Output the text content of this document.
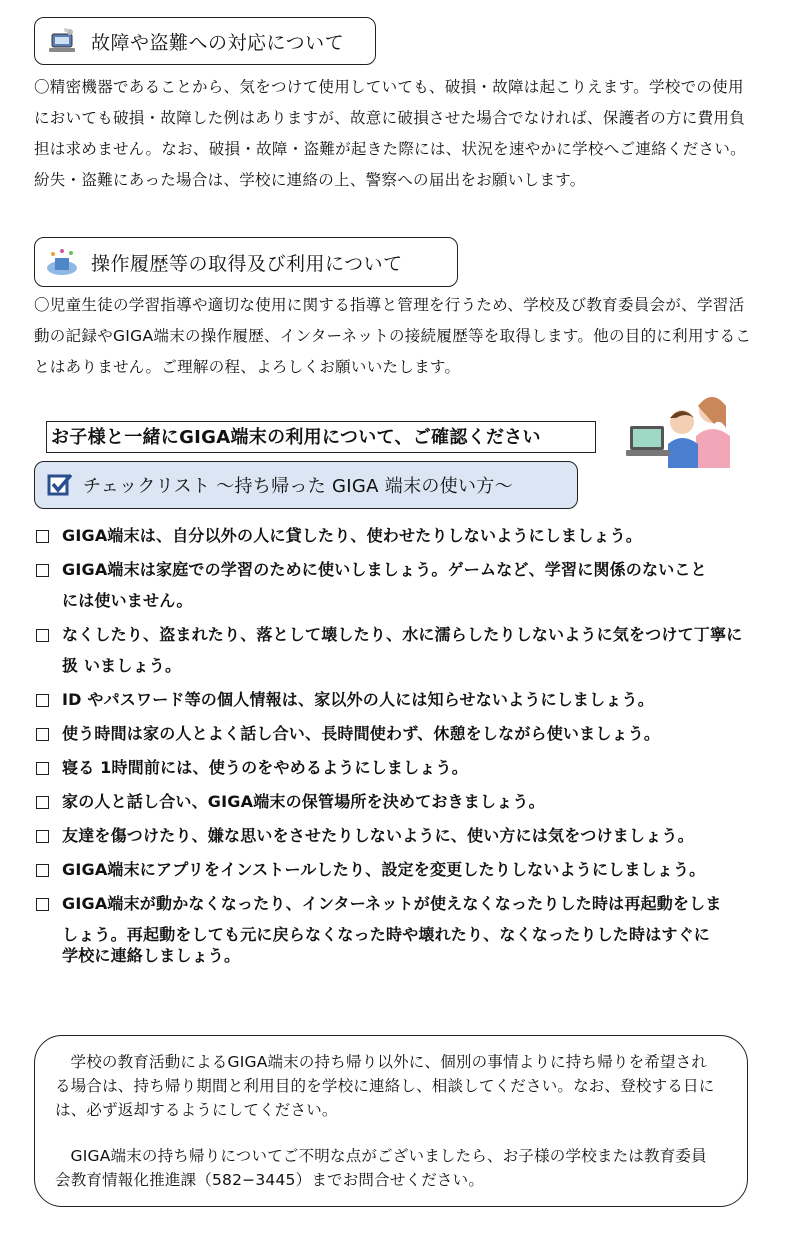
故障や盗難への対応について
〇精密機器であることから、気をつけて使用していても、破損・故障は起こりえます。学校での使用においても破損・故障した例はありますが、故意に破損させた場合でなければ、保護者の方に費用負担は求めません。なお、破損・故障・盗難が起きた際には、状況を速やかに学校へご連絡ください。紛失・盗難にあった場合は、学校に連絡の上、警察への届出をお願いします。
操作履歴等の取得及び利用について
〇児童生徒の学習指導や適切な使用に関する指導と管理を行うため、学校及び教育委員会が、学習活動の記録やGIGA端末の操作履歴、インターネットの接続履歴等を取得します。他の目的に利用することはありません。ご理解の程、よろしくお願いいたします。
お子様と一緒にGIGA端末の利用について、ご確認ください
チェックリスト ～持ち帰った GIGA 端末の使い方～
GIGA端末は、自分以外の人に貸したり、使わせたりしないようにしましょう。
GIGA端末は家庭での学習のために使いしましょう。ゲームなど、学習に関係のないこと
には使いません。
なくしたり、盗まれたり、落として壊したり、水に濡らしたりしないように気をつけて丁寧に
扱 いましょう。
ID やパスワード等の個人情報は、家以外の人には知らせないようにしましょう。
使う時間は家の人とよく話し合い、長時間使わず、休憩をしながら使いましょう。
寝る 1時間前には、使うのをやめるようにしましょう。
家の人と話し合い、GIGA端末の保管場所を決めておきましょう。
友達を傷つけたり、嫌な思いをさせたりしないように、使い方には気をつけましょう。
GIGA端末にアプリをインストールしたり、設定を変更したりしないようにしましょう。
GIGA端末が動かなくなったり、インターネットが使えなくなったりした時は再起動をしま
しょう。再起動をしても元に戻らなくなった時や壊れたり、なくなったりした時はすぐに
学校に連絡しましょう。

学校の教育活動によるGIGA端末の持ち帰り以外に、個別の事情よりに持ち帰りを希望される場合は、持ち帰り期間と利用目的を学校に連絡し、相談してください。なお、登校する日には、必ず返却するようにしてください。

GIGA端末の持ち帰りについてご不明な点がございましたら、お子様の学校または教育委員会教育情報化推進課（582−3445）までお問合せください。
